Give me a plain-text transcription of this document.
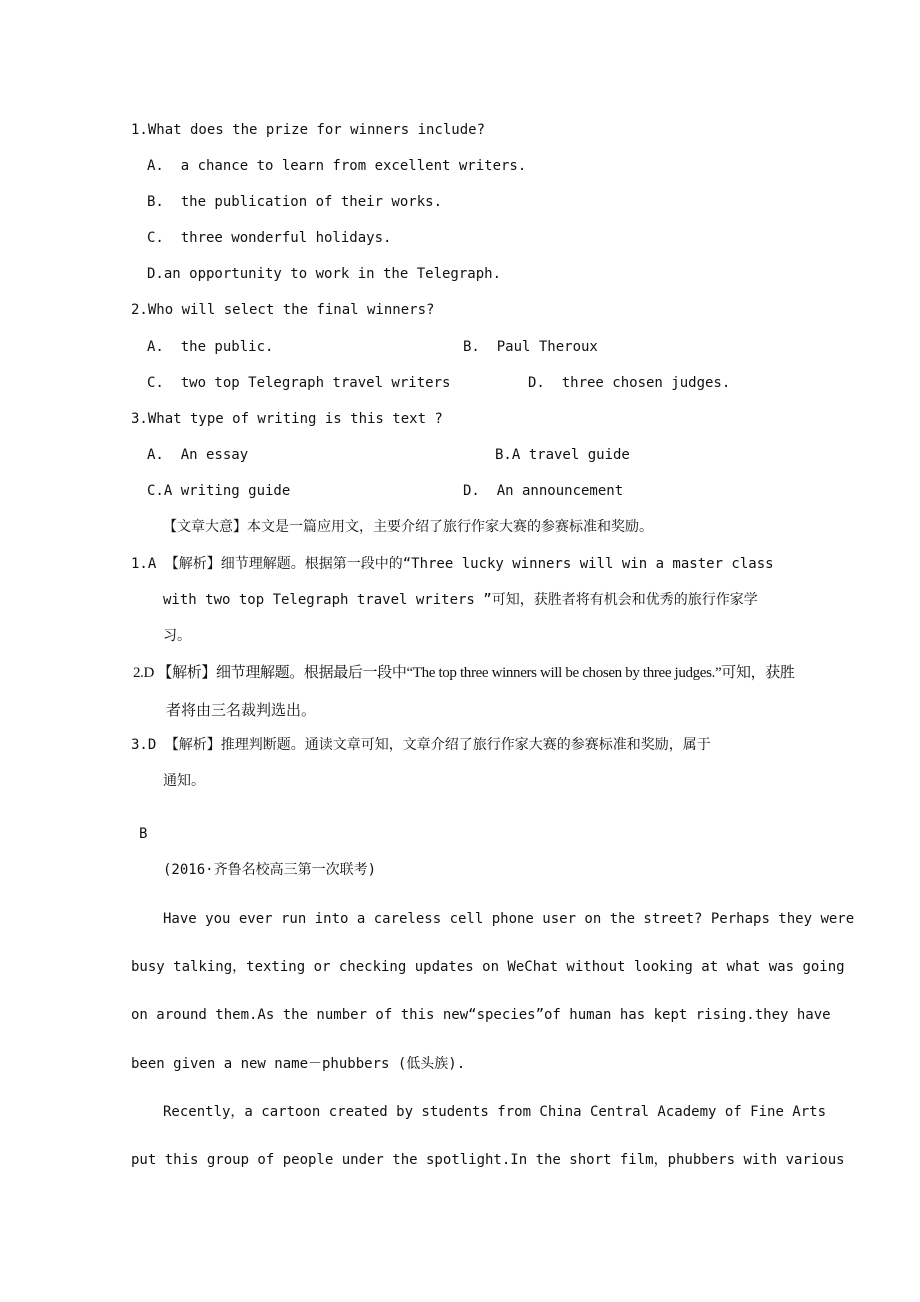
1.What does the prize for winners include?
A.  a chance to learn from excellent writers.
B.  the publication of their works.
C.  three wonderful holidays.
D.an opportunity to work in the Telegraph.
2.Who will select the final winners?
A.  the public.	B.  Paul Theroux
C.  two top Telegraph travel writers	D.  three chosen judges.
3.What type of writing is this text ?
A.  An essay	B.A travel guide
C.A writing guide	D.  An announcement
【文章大意】本文是一篇应用文，主要介绍了旅行作家大赛的参赛标准和奖励。
1.A 【解析】细节理解题。根据第一段中的“Three lucky winners will win a master class
with two top Telegraph travel writers ”可知，获胜者将有机会和优秀的旅行作家学
习。
2.D 【解析】细节理解题。根据最后一段中“The top three winners will be chosen by three judges.”可知，获胜
者将由三名裁判选出。
3.D 【解析】推理判断题。通读文章可知，文章介绍了旅行作家大赛的参赛标准和奖励，属于
通知。
B
(2016·齐鲁名校高三第一次联考)
Have you ever run into a careless cell phone user on the street? Perhaps they were
busy talking，texting or checking updates on WeChat without looking at what was going
on around them.As the number of this new“species”of human has kept rising.they have
been given a new name－phubbers (低头族).
Recently，a cartoon created by students from China Central Academy of Fine Arts
put this group of people under the spotlight.In the short film，phubbers with various
